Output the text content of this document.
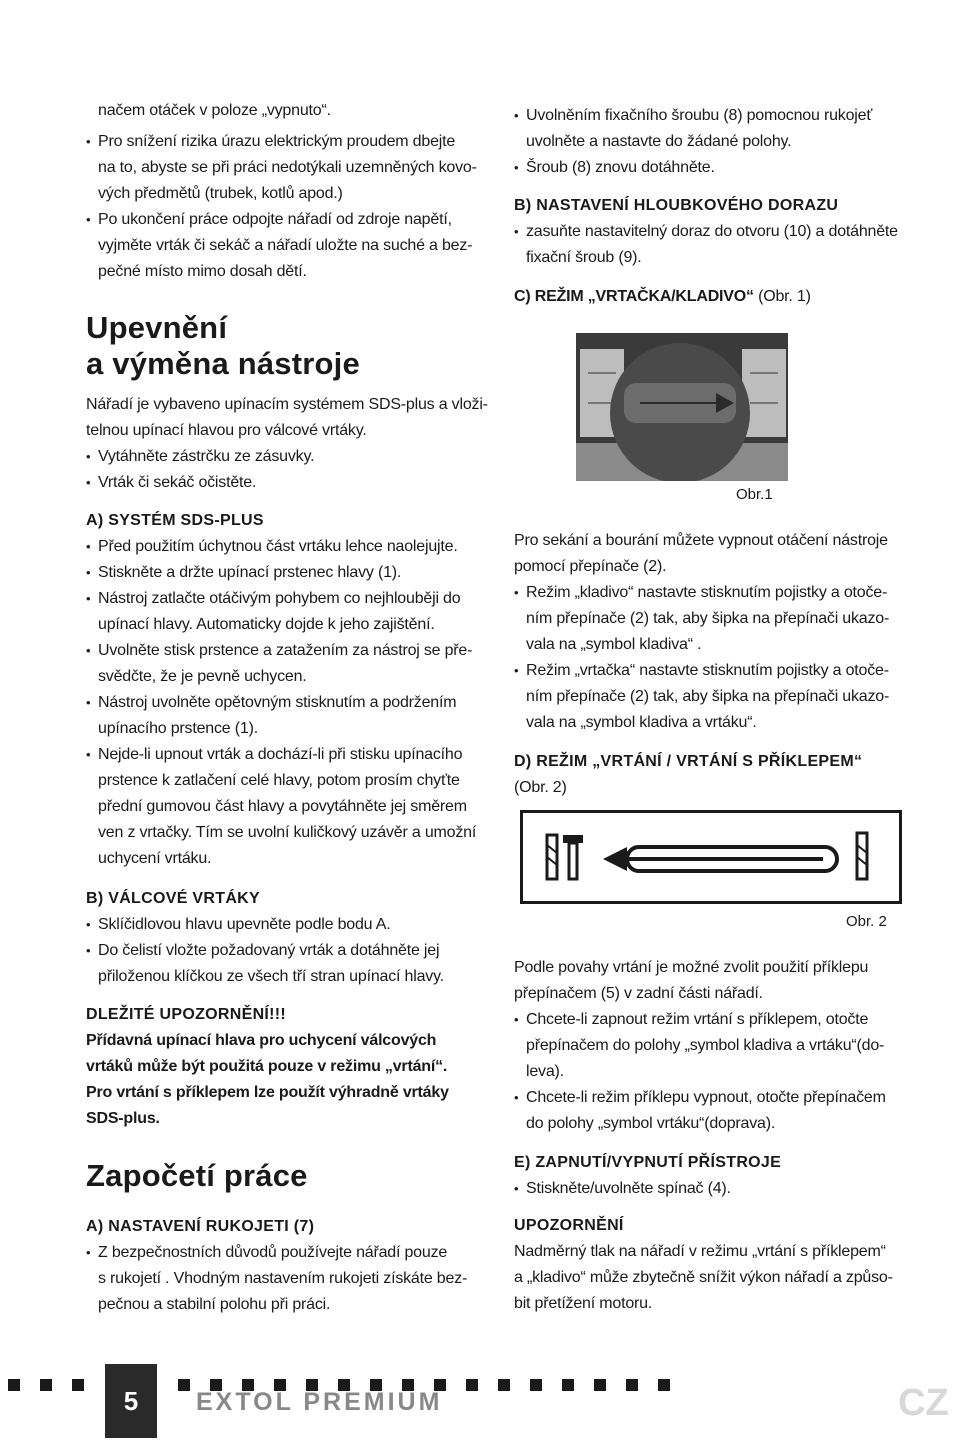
načem otáček v poloze „vypnuto“.

• Pro snížení rizika úrazu elektrickým proudem dbejte

na to, abyste se při práci nedotýkali uzemněných kovo-

vých předmětů (trubek, kotlů apod.)

• Po ukončení práce odpojte nářadí od zdroje napětí,

vyjměte vrták či sekáč a nářadí uložte na suché a bez-

pečné místo mimo dosah dětí.

Upevnění
a výměna nástroje

Nářadí je vybaveno upínacím systémem SDS-plus a vloži-

telnou upínací hlavou pro válcové vrtáky.

• Vytáhněte zástrčku ze zásuvky.

• Vrták či sekáč očistěte.

A) SYSTÉM SDS-PLUS

• Před použitím úchytnou část vrtáku lehce naolejujte.

• Stiskněte a držte upínací prstenec hlavy (1).

• Nástroj zatlačte otáčivým pohybem co nejhlouběji do

upínací hlavy. Automaticky dojde k jeho zajištění.

• Uvolněte stisk prstence a zatažením za nástroj se pře-

svědčte, že je pevně uchycen.

• Nástroj uvolněte opětovným stisknutím a podržením

upínacího prstence (1).

• Nejde-li upnout vrták a dochází-li při stisku upínacího

prstence k zatlačení celé hlavy, potom prosím chyťte

přední gumovou část hlavy a povytáhněte jej směrem

ven z vrtačky. Tím se uvolní kuličkový uzávěr a umožní

uchycení vrtáku.

B) VÁLCOVÉ VRTÁKY

• Sklíčidlovou hlavu upevněte podle bodu A.

• Do čelistí vložte požadovaný vrták a dotáhněte jej

přiloženou klíčkou ze všech tří stran upínací hlavy.

DLEŽITÉ UPOZORNĚNÍ!!!

Přídavná upínací hlava pro uchycení válcových

vrtáků může být použitá pouze v režimu „vrtání“.

Pro vrtání s příklepem lze použít výhradně vrtáky

SDS-plus.

Započetí práce
A) NASTAVENÍ RUKOJETI (7)

• Z bezpečnostních důvodů používejte nářadí pouze

s rukojetí . Vhodným nastavením rukojeti získáte bez-

pečnou a stabilní polohu při práci.

• Uvolněním fixačního šroubu (8) pomocnou rukojeť

uvolněte a nastavte do žádané polohy.

• Šroub (8) znovu dotáhněte.

B) NASTAVENÍ HLOUBKOVÉHO DORAZU

• zasuňte nastavitelný doraz do otvoru (10) a dotáhněte

fixační šroub (9).

C) REŽIM „VRTAČKA/KLADIVO“ (Obr. 1)

Obr.1

Pro sekání a bourání můžete vypnout otáčení nástroje

pomocí přepínače (2).

• Režim „kladivo“ nastavte stisknutím pojistky a otoče-

ním přepínače (2) tak, aby šipka na přepínači ukazo-

vala na „symbol kladiva“ .

• Režim „vrtačka“ nastavte stisknutím pojistky a otoče-

ním přepínače (2) tak, aby šipka na přepínači ukazo-

vala na „symbol kladiva a vrtáku“.

D) REŽIM „VRTÁNÍ / VRTÁNÍ S PŘÍKLEPEM“

(Obr. 2)

Obr. 2

Podle povahy vrtání je možné zvolit použití příklepu

přepínačem (5) v zadní části nářadí.

• Chcete-li zapnout režim vrtání s příklepem, otočte

přepínačem do polohy „symbol kladiva a vrtáku“(do-

leva).

• Chcete-li režim příklepu vypnout, otočte přepínačem

do polohy „symbol vrtáku“(doprava).

E) ZAPNUTÍ/VYPNUTÍ PŘÍSTROJE

• Stiskněte/uvolněte spínač (4).

UPOZORNĚNÍ

Nadměrný tlak na nářadí v režimu „vrtání s příklepem“

a „kladivo“ může zbytečně snížit výkon nářadí a způso-

bit přetížení motoru.

5	EXTOL PREMIUM	CZ
